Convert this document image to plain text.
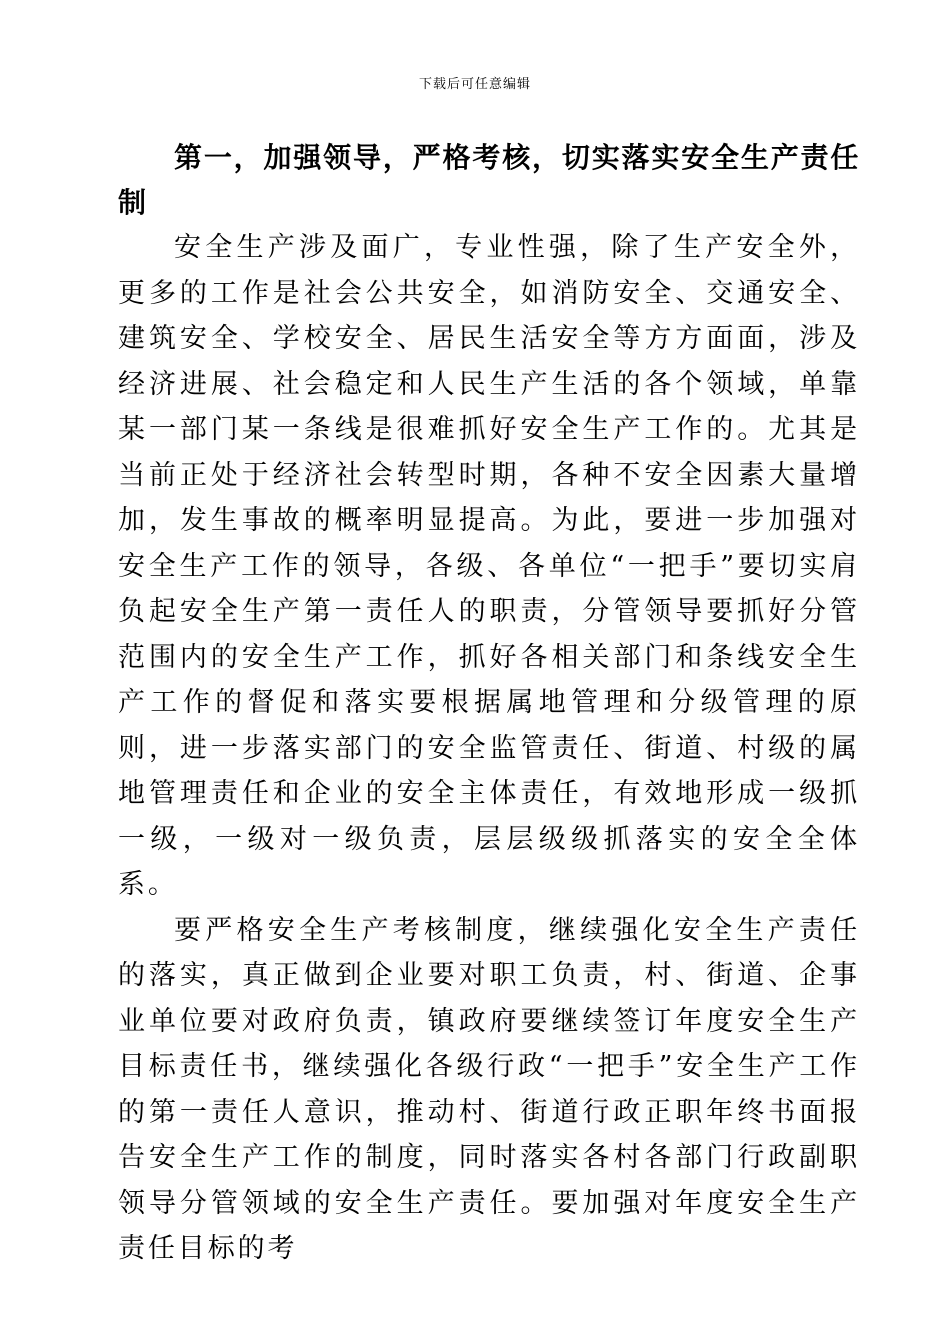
下载后可任意编辑
第一，加强领导，严格考核，切实落实安全生产责任制

安全生产涉及面广，专业性强，除了生产安全外，更多的工作是社会公共安全，如消防安全、交通安全、建筑安全、学校安全、居民生活安全等方方面面，涉及经济进展、社会稳定和人民生产生活的各个领域，单靠某一部门某一条线是很难抓好安全生产工作的。尤其是当前正处于经济社会转型时期，各种不安全因素大量增加，发生事故的概率明显提高。为此，要进一步加强对安全生产工作的领导，各级、各单位“一把手”要切实肩负起安全生产第一责任人的职责，分管领导要抓好分管范围内的安全生产工作，抓好各相关部门和条线安全生产工作的督促和落实要根据属地管理和分级管理的原则，进一步落实部门的安全监管责任、街道、村级的属地管理责任和企业的安全主体责任，有效地形成一级抓一级，一级对一级负责，层层级级抓落实的安全全体系。

要严格安全生产考核制度，继续强化安全生产责任的落实，真正做到企业要对职工负责，村、街道、企事业单位要对政府负责，镇政府要继续签订年度安全生产目标责任书，继续强化各级行政“一把手”安全生产工作的第一责任人意识，推动村、街道行政正职年终书面报告安全生产工作的制度，同时落实各村各部门行政副职领导分管领域的安全生产责任。要加强对年度安全生产责任目标的考
